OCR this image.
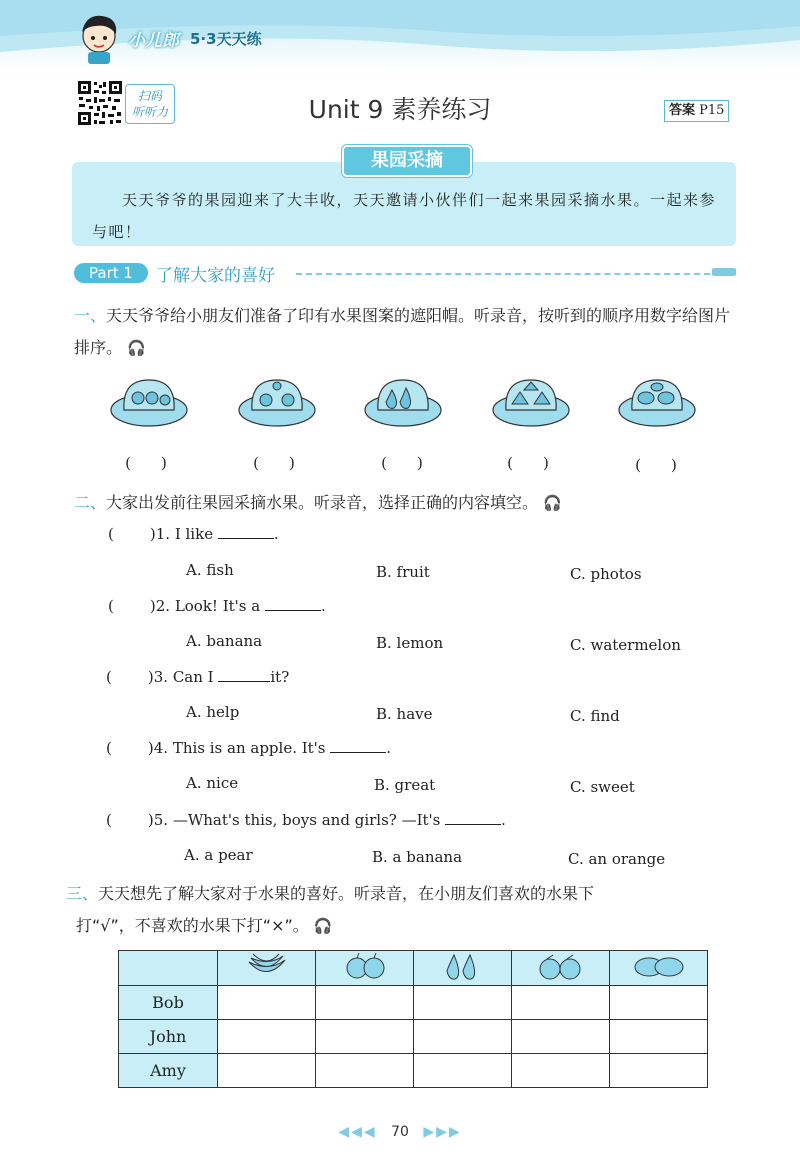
小儿郎 5·3天天练
扫码
听听力	Unit 9 素养练习	答案 P15
果园采摘
天天爷爷的果园迎来了大丰收，天天邀请小伙伴们一起来果园采摘水果。一起来参与吧！
Part 1	了解大家的喜好
一、天天爷爷给小朋友们准备了印有水果图案的遮阳帽。听录音，按听到的顺序用数字给图片排序。 🎧
(  )	(  )	(  )	(  )	(  )
二、大家出发前往果园采摘水果。听录音，选择正确的内容填空。 🎧
( )1. I like	.
A. fish	B. fruit	C. photos
( )2. Look! It's a	.
A. banana	B. lemon	C. watermelon
( )3. Can I	it?
A. help	B. have	C. find
( )4. This is an apple. It's	.
A. nice	B. great	C. sweet
( )5. —What's this, boys and girls? —It's	.
A. a pear	B. a banana	C. an orange
三、天天想先了解大家对于水果的喜好。听录音，在小朋友们喜欢的水果下
打“√”，不喜欢的水果下打“×”。 🎧

Bob					
John					
Amy					
◀◀◀ 70 ▶▶▶
